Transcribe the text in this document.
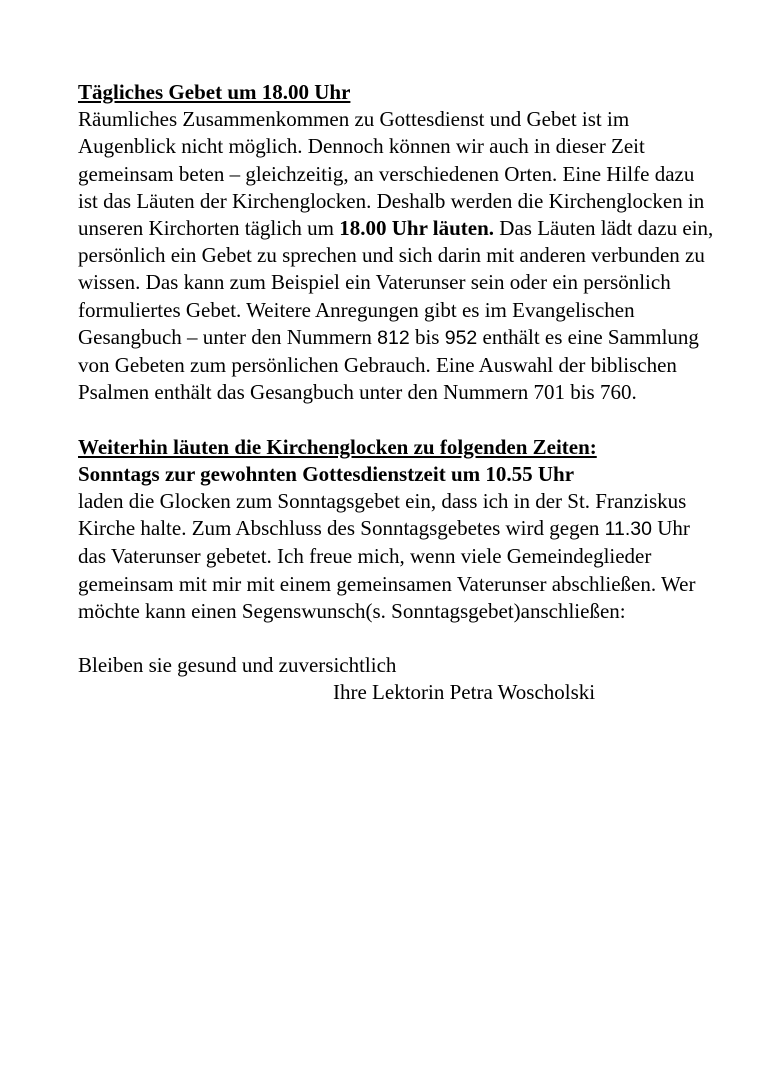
Tägliches Gebet um 18.00 Uhr
Räumliches Zusammenkommen zu Gottesdienst und Gebet ist im Augenblick nicht möglich. Dennoch können wir auch in dieser Zeit gemeinsam beten – gleichzeitig, an verschiedenen Orten. Eine Hilfe dazu ist das Läuten der Kirchenglocken. Deshalb werden die Kirchenglocken in unseren Kirchorten täglich um 18.00 Uhr läuten. Das Läuten lädt dazu ein, persönlich ein Gebet zu sprechen und sich darin mit anderen verbunden zu wissen. Das kann zum Beispiel ein Vaterunser sein oder ein persönlich formuliertes Gebet. Weitere Anregungen gibt es im Evangelischen Gesangbuch – unter den Nummern 812 bis 952 enthält es eine Sammlung von Gebeten zum persönlichen Gebrauch. Eine Auswahl der biblischen Psalmen enthält das Gesangbuch unter den Nummern 701 bis 760.
Weiterhin läuten die Kirchenglocken zu folgenden Zeiten:
Sonntags zur gewohnten Gottesdienstzeit um 10.55 Uhr
laden die Glocken zum Sonntagsgebet ein, dass ich in der St. Franziskus Kirche halte. Zum Abschluss des Sonntagsgebetes wird gegen 11.30 Uhr das Vaterunser gebetet. Ich freue mich, wenn viele Gemeindeglieder gemeinsam mit mir mit einem gemeinsamen Vaterunser abschließen. Wer möchte kann einen Segenswunsch(s. Sonntagsgebet)anschließen:
Bleiben sie gesund und zuversichtlich
Ihre Lektorin Petra Woscholski
